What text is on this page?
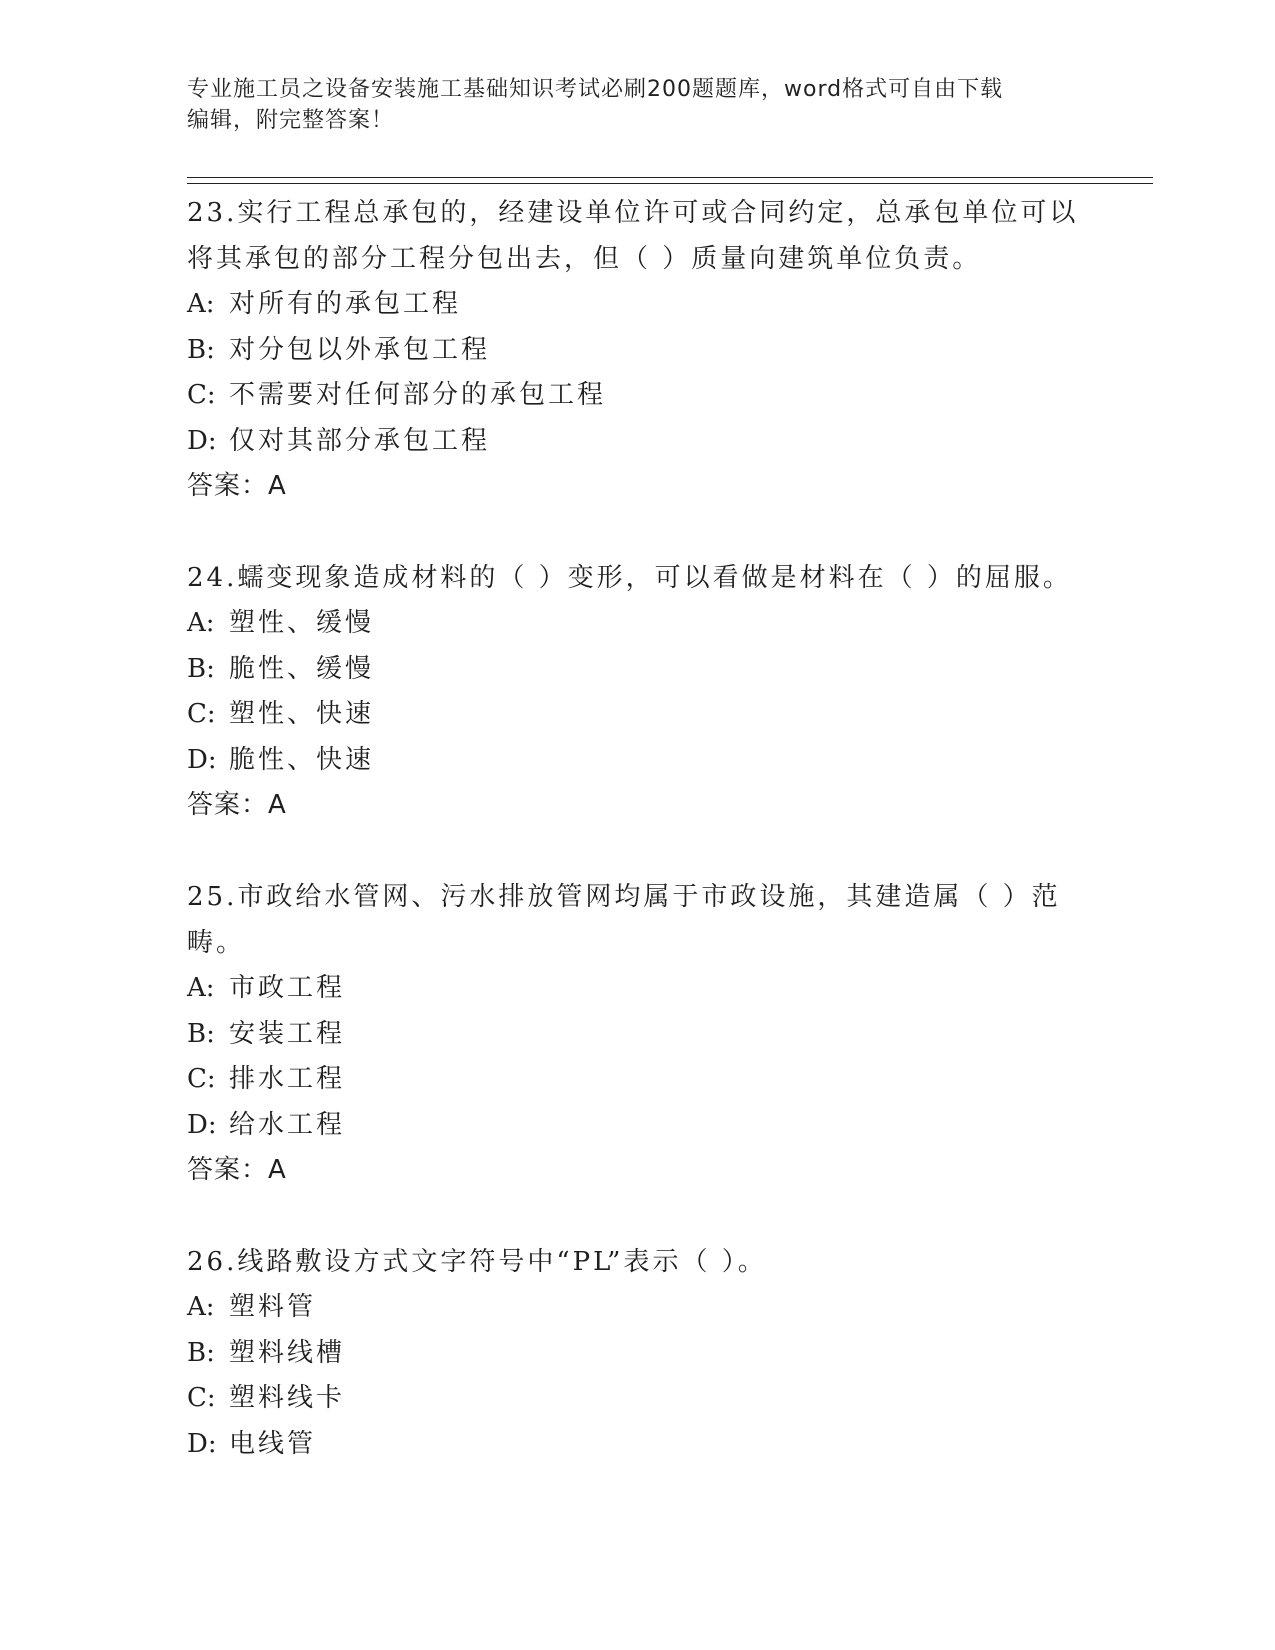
专业施工员之设备安装施工基础知识考试必刷200题题库，word格式可自由下载
编辑，附完整答案！

23.实行工程总承包的，经建设单位许可或合同约定，总承包单位可以
将其承包的部分工程分包出去，但（ ）质量向建筑单位负责。

A: 对所有的承包工程

B: 对分包以外承包工程

C: 不需要对任何部分的承包工程

D: 仅对其部分承包工程

答案：A

24.蠕变现象造成材料的（ ）变形，可以看做是材料在（ ）的屈服。

A: 塑性、缓慢

B: 脆性、缓慢

C: 塑性、快速

D: 脆性、快速

答案：A

25.市政给水管网、污水排放管网均属于市政设施，其建造属（ ）范
畴。

A: 市政工程

B: 安装工程

C: 排水工程

D: 给水工程

答案：A

26.线路敷设方式文字符号中“PL”表示（ ）。

A: 塑料管

B: 塑料线槽

C: 塑料线卡

D: 电线管
